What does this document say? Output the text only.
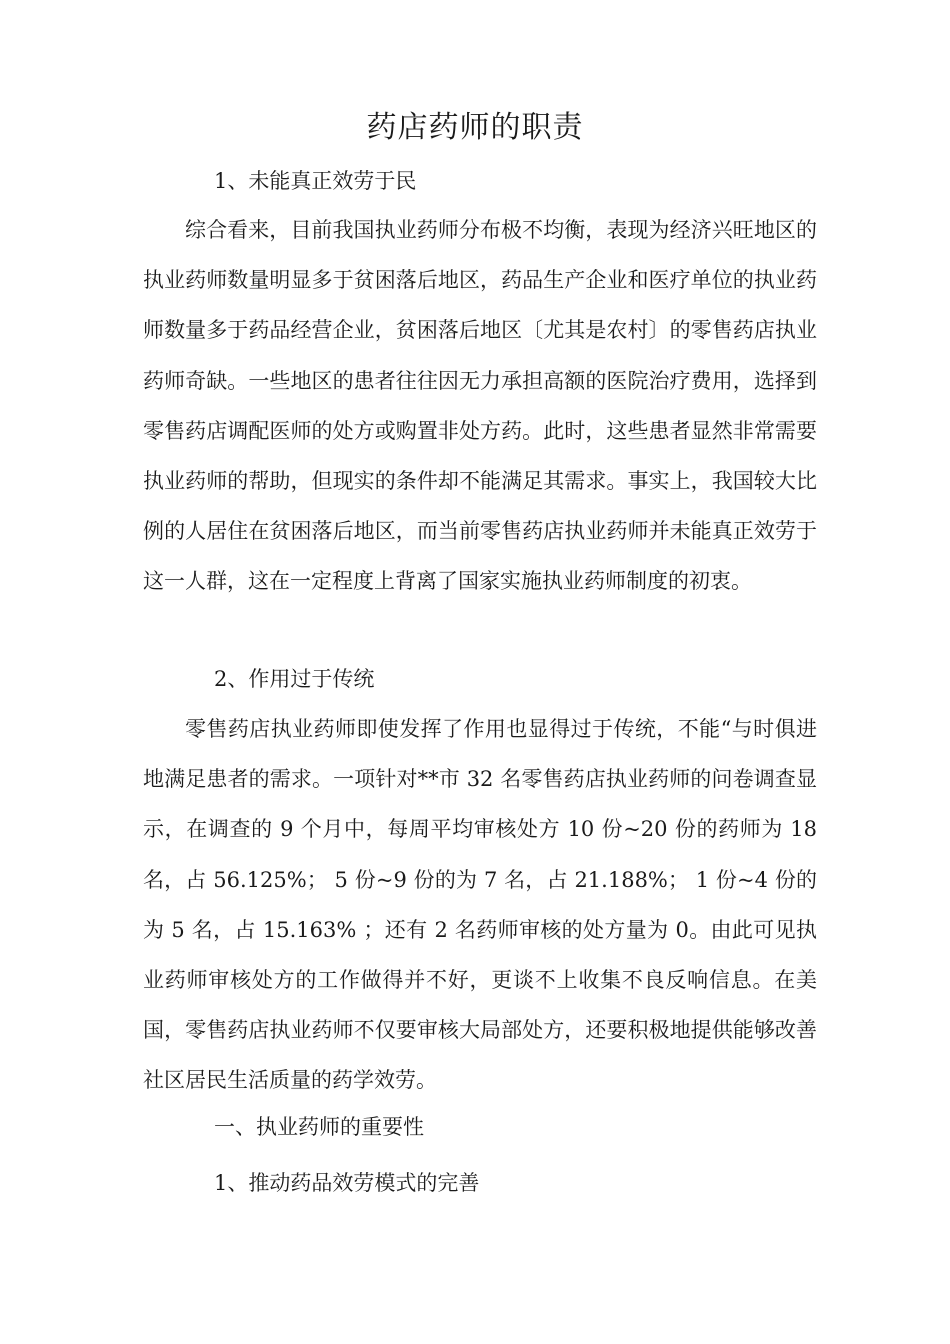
药店药师的职责
1、未能真正效劳于民

综合看来，目前我国执业药师分布极不均衡，表现为经济兴旺地区的执业药师数量明显多于贫困落后地区，药品生产企业和医疗单位的执业药师数量多于药品经营企业，贫困落后地区〔尤其是农村〕的零售药店执业药师奇缺。一些地区的患者往往因无力承担高额的医院治疗费用，选择到零售药店调配医师的处方或购置非处方药。此时，这些患者显然非常需要执业药师的帮助，但现实的条件却不能满足其需求。事实上，我国较大比例的人居住在贫困落后地区，而当前零售药店执业药师并未能真正效劳于这一人群，这在一定程度上背离了国家实施执业药师制度的初衷。

2、作用过于传统

零售药店执业药师即使发挥了作用也显得过于传统，不能“与时俱进 地满足患者的需求。一项针对**市 32 名零售药店执业药师的问卷调查显示，在调查的 9 个月中，每周平均审核处方 10 份~20 份的药师为 18 名，占 56.125%； 5 份~9 份的为 7 名，占 21.188%； 1 份~4 份的为 5 名，占 15.163% ；还有 2 名药师审核的处方量为 0。由此可见执业药师审核处方的工作做得并不好，更谈不上收集不良反响信息。在美国，零售药店执业药师不仅要审核大局部处方，还要积极地提供能够改善社区居民生活质量的药学效劳。

一、执业药师的重要性
1、推动药品效劳模式的完善
